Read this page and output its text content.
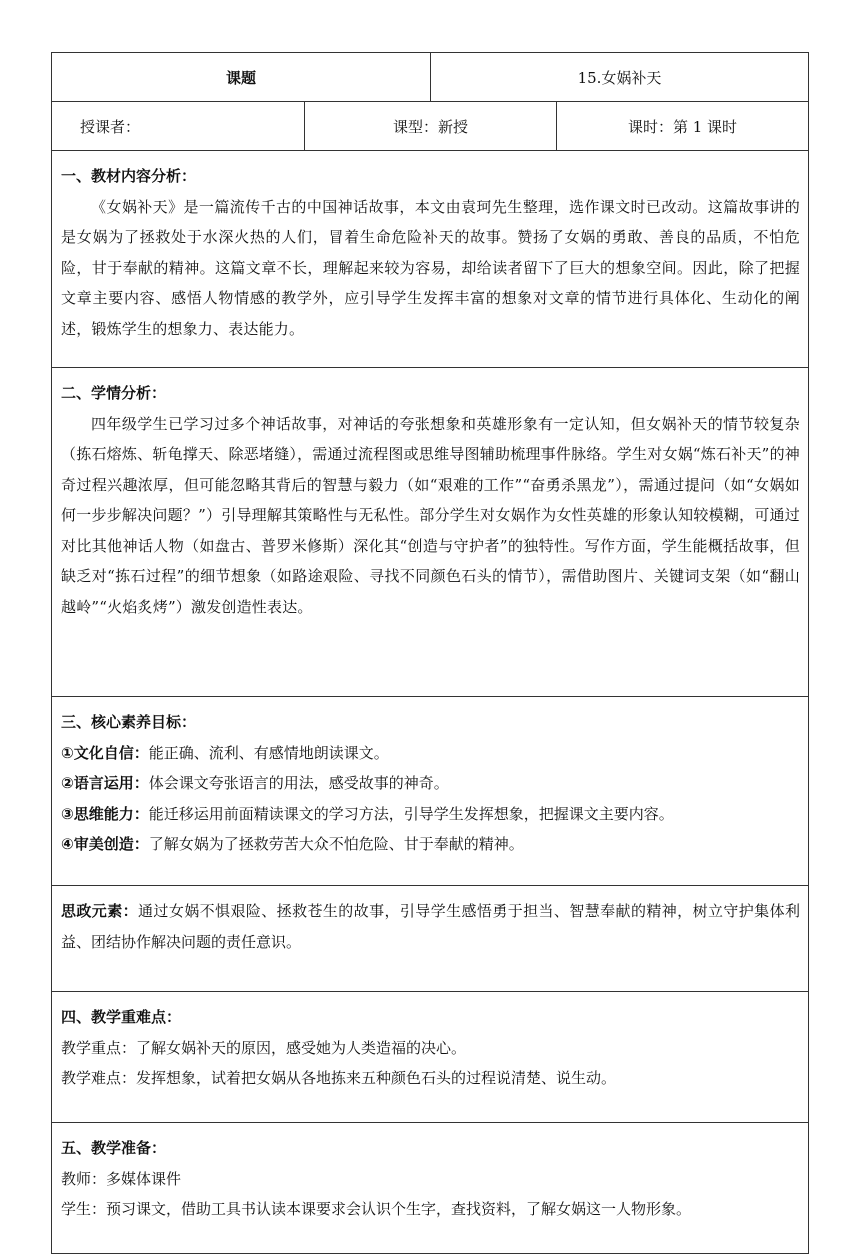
课题	15.女娲补天
授课者：	课型：新授	课时：第 1 课时
一、教材内容分析：
《女娲补天》是一篇流传千古的中国神话故事，本文由袁珂先生整理，选作课文时已改动。这篇故事讲的是女娲为了拯救处于水深火热的人们，冒着生命危险补天的故事。赞扬了女娲的勇敢、善良的品质，不怕危险，甘于奉献的精神。这篇文章不长，理解起来较为容易，却给读者留下了巨大的想象空间。因此，除了把握文章主要内容、感悟人物情感的教学外，应引导学生发挥丰富的想象对文章的情节进行具体化、生动化的阐述，锻炼学生的想象力、表达能力。
二、学情分析：
四年级学生已学习过多个神话故事，对神话的夸张想象和英雄形象有一定认知，但女娲补天的情节较复杂（拣石熔炼、斩龟撑天、除恶堵缝），需通过流程图或思维导图辅助梳理事件脉络。学生对女娲“炼石补天”的神奇过程兴趣浓厚，但可能忽略其背后的智慧与毅力（如“艰难的工作”“奋勇杀黑龙”），需通过提问（如“女娲如何一步步解决问题？”）引导理解其策略性与无私性。部分学生对女娲作为女性英雄的形象认知较模糊，可通过对比其他神话人物（如盘古、普罗米修斯）深化其“创造与守护者”的独特性。写作方面，学生能概括故事，但缺乏对“拣石过程”的细节想象（如路途艰险、寻找不同颜色石头的情节），需借助图片、关键词支架（如“翻山越岭”“火焰炙烤”）激发创造性表达。
三、核心素养目标：
①文化自信：能正确、流利、有感情地朗读课文。
②语言运用：体会课文夸张语言的用法，感受故事的神奇。
③思维能力：能迁移运用前面精读课文的学习方法，引导学生发挥想象，把握课文主要内容。
④审美创造：了解女娲为了拯救劳苦大众不怕危险、甘于奉献的精神。
思政元素：通过女娲不惧艰险、拯救苍生的故事，引导学生感悟勇于担当、智慧奉献的精神，树立守护集体利益、团结协作解决问题的责任意识。
四、教学重难点：
教学重点：了解女娲补天的原因，感受她为人类造福的决心。
教学难点：发挥想象，试着把女娲从各地拣来五种颜色石头的过程说清楚、说生动。
五、教学准备：
教师：多媒体课件
学生：预习课文，借助工具书认读本课要求会认识个生字，查找资料，了解女娲这一人物形象。
